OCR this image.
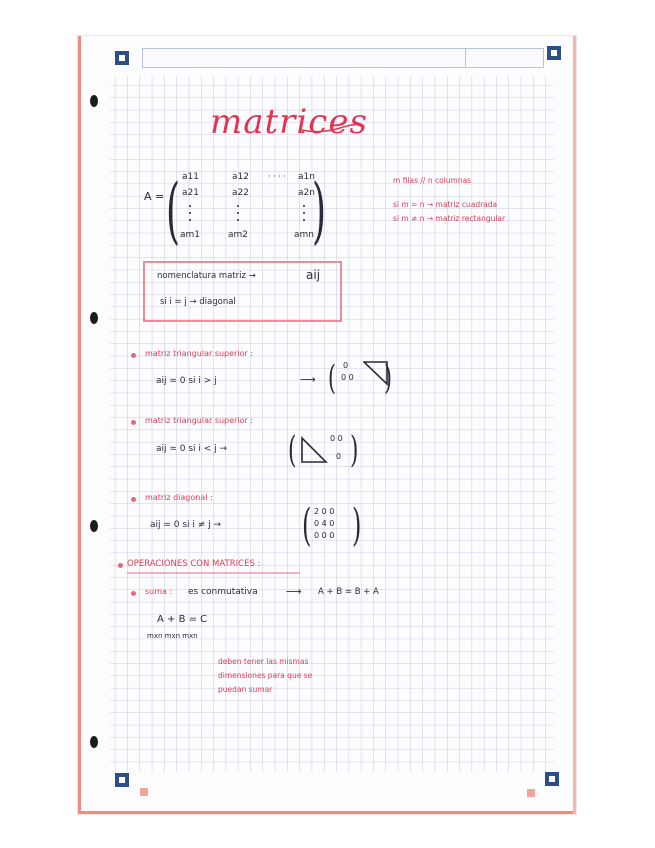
matrices
A = ( )
a11	a12 · · · · a1n
a21	a22	a2n
am1	am2	amn
m filas // n columnas
si m = n → matriz cuadrada
si m ≠ n → matriz rectangular
nomenclatura matriz →	aij
si i = j → diagonal
matriz triangular superior :
aij = 0 si i > j	⟶ ( 0
0 0 )
matriz triangular superior :
aij = 0 si i < j → (	0 0
0 )
matriz diagonal :
aij = 0 si i ≠ j → ( 2 0 0
0 4 0
0 0 0 )
OPERACIONES CON MATRICES :
suma : es conmutativa	⟶ A + B = B + A
A + B = C
mxn mxn mxn
deben tener las mismas
dimensiones para que se
puedan sumar
